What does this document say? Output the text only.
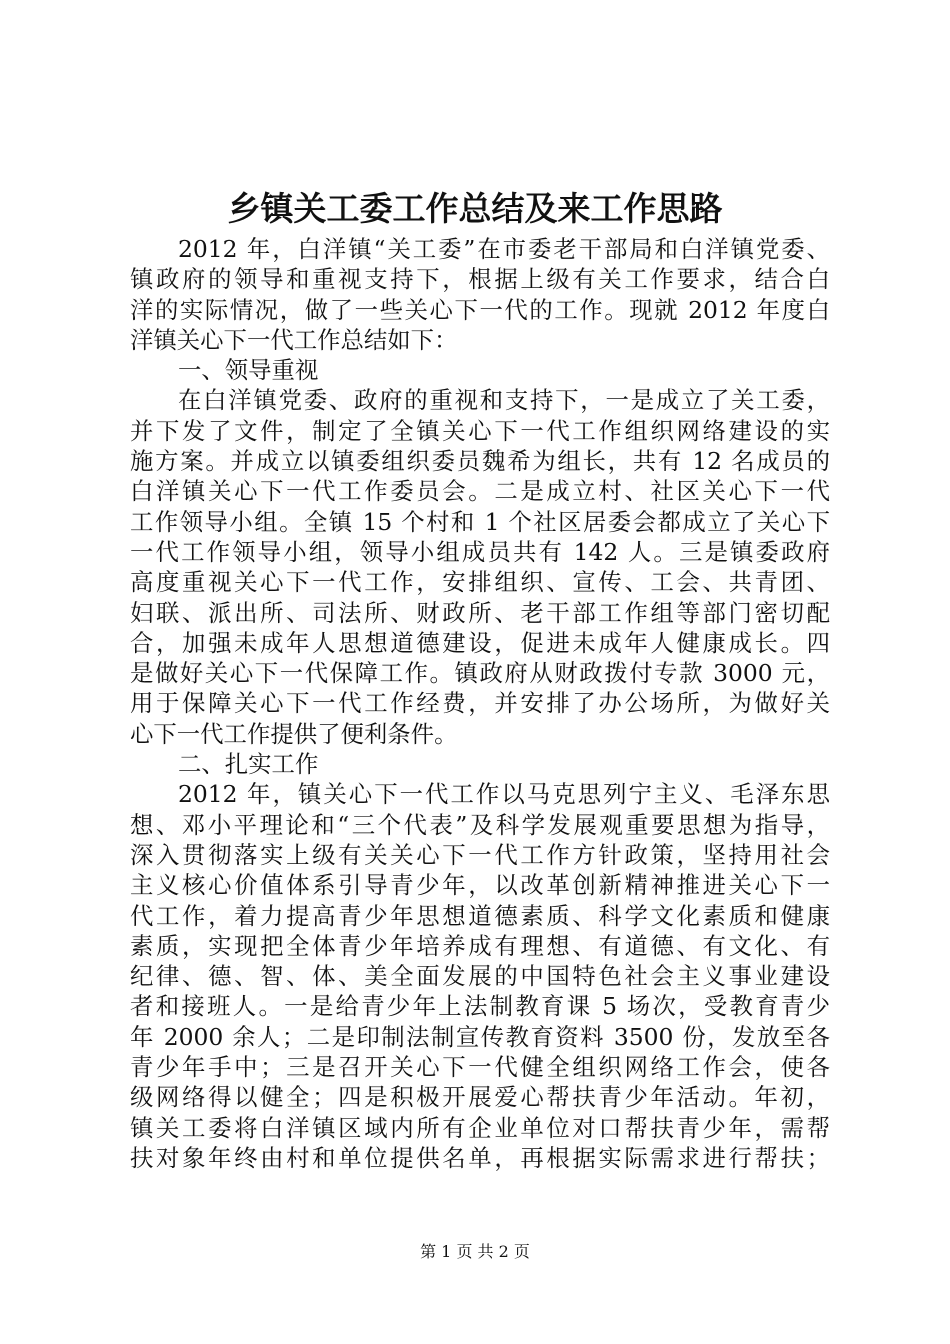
乡镇关工委工作总结及来工作思路
2012 年，白洋镇“关工委”在市委老干部局和白洋镇党委、
镇政府的领导和重视支持下，根据上级有关工作要求，结合白
洋的实际情况，做了一些关心下一代的工作。现就 2012 年度白
洋镇关心下一代工作总结如下：
一、领导重视
在白洋镇党委、政府的重视和支持下，一是成立了关工委，
并下发了文件，制定了全镇关心下一代工作组织网络建设的实
施方案。并成立以镇委组织委员魏希为组长，共有 12 名成员的
白洋镇关心下一代工作委员会。二是成立村、社区关心下一代
工作领导小组。全镇 15 个村和 1 个社区居委会都成立了关心下
一代工作领导小组，领导小组成员共有 142 人。三是镇委政府
高度重视关心下一代工作，安排组织、宣传、工会、共青团、
妇联、派出所、司法所、财政所、老干部工作组等部门密切配
合，加强未成年人思想道德建设，促进未成年人健康成长。四
是做好关心下一代保障工作。镇政府从财政拨付专款 3000 元，
用于保障关心下一代工作经费，并安排了办公场所，为做好关
心下一代工作提供了便利条件。
二、扎实工作
2012 年，镇关心下一代工作以马克思列宁主义、毛泽东思
想、邓小平理论和“三个代表”及科学发展观重要思想为指导，
深入贯彻落实上级有关关心下一代工作方针政策，坚持用社会
主义核心价值体系引导青少年，以改革创新精神推进关心下一
代工作，着力提高青少年思想道德素质、科学文化素质和健康
素质，实现把全体青少年培养成有理想、有道德、有文化、有
纪律、德、智、体、美全面发展的中国特色社会主义事业建设
者和接班人。一是给青少年上法制教育课 5 场次，受教育青少
年 2000 余人；二是印制法制宣传教育资料 3500 份，发放至各
青少年手中；三是召开关心下一代健全组织网络工作会，使各
级网络得以健全；四是积极开展爱心帮扶青少年活动。年初，
镇关工委将白洋镇区域内所有企业单位对口帮扶青少年，需帮
扶对象年终由村和单位提供名单，再根据实际需求进行帮扶；
第 1 页 共 2 页
